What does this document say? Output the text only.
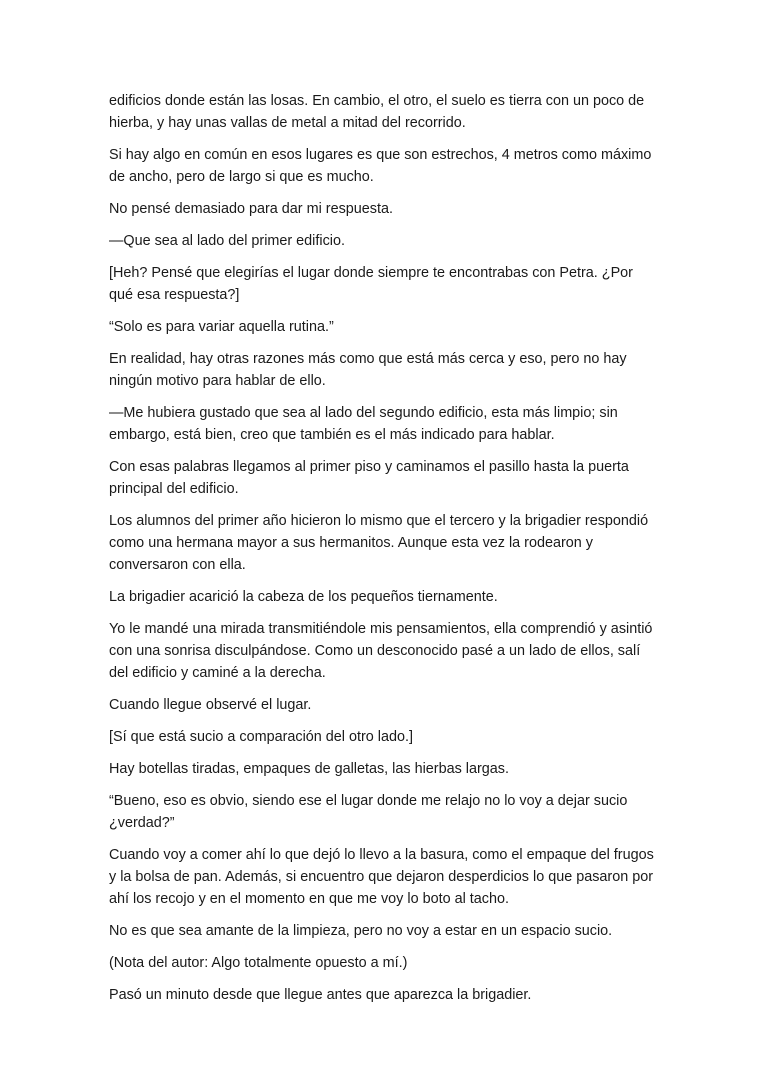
edificios donde están las losas. En cambio, el otro, el suelo es tierra con un poco de hierba, y hay unas vallas de metal a mitad del recorrido.

Si hay algo en común en esos lugares es que son estrechos, 4 metros como máximo de ancho, pero de largo si que es mucho.

No pensé demasiado para dar mi respuesta.

—Que sea al lado del primer edificio.

[Heh? Pensé que elegirías el lugar donde siempre te encontrabas con Petra. ¿Por qué esa respuesta?]

“Solo es para variar aquella rutina.”

En realidad, hay otras razones más como que está más cerca y eso, pero no hay ningún motivo para hablar de ello.

—Me hubiera gustado que sea al lado del segundo edificio, esta más limpio; sin embargo, está bien, creo que también es el más indicado para hablar.

Con esas palabras llegamos al primer piso y caminamos el pasillo hasta la puerta principal del edificio.

Los alumnos del primer año hicieron lo mismo que el tercero y la brigadier respondió como una hermana mayor a sus hermanitos. Aunque esta vez la rodearon y conversaron con ella.

La brigadier acarició la cabeza de los pequeños tiernamente.

Yo le mandé una mirada transmitiéndole mis pensamientos, ella comprendió y asintió con una sonrisa disculpándose. Como un desconocido pasé a un lado de ellos, salí del edificio y caminé a la derecha.

Cuando llegue observé el lugar.

[Sí que está sucio a comparación del otro lado.]

Hay botellas tiradas, empaques de galletas, las hierbas largas.

“Bueno, eso es obvio, siendo ese el lugar donde me relajo no lo voy a dejar sucio ¿verdad?”

Cuando voy a comer ahí lo que dejó lo llevo a la basura, como el empaque del frugos y la bolsa de pan. Además, si encuentro que dejaron desperdicios lo que pasaron por ahí los recojo y en el momento en que me voy lo boto al tacho.

No es que sea amante de la limpieza, pero no voy a estar en un espacio sucio.

(Nota del autor: Algo totalmente opuesto a mí.)

Pasó un minuto desde que llegue antes que aparezca la brigadier.
